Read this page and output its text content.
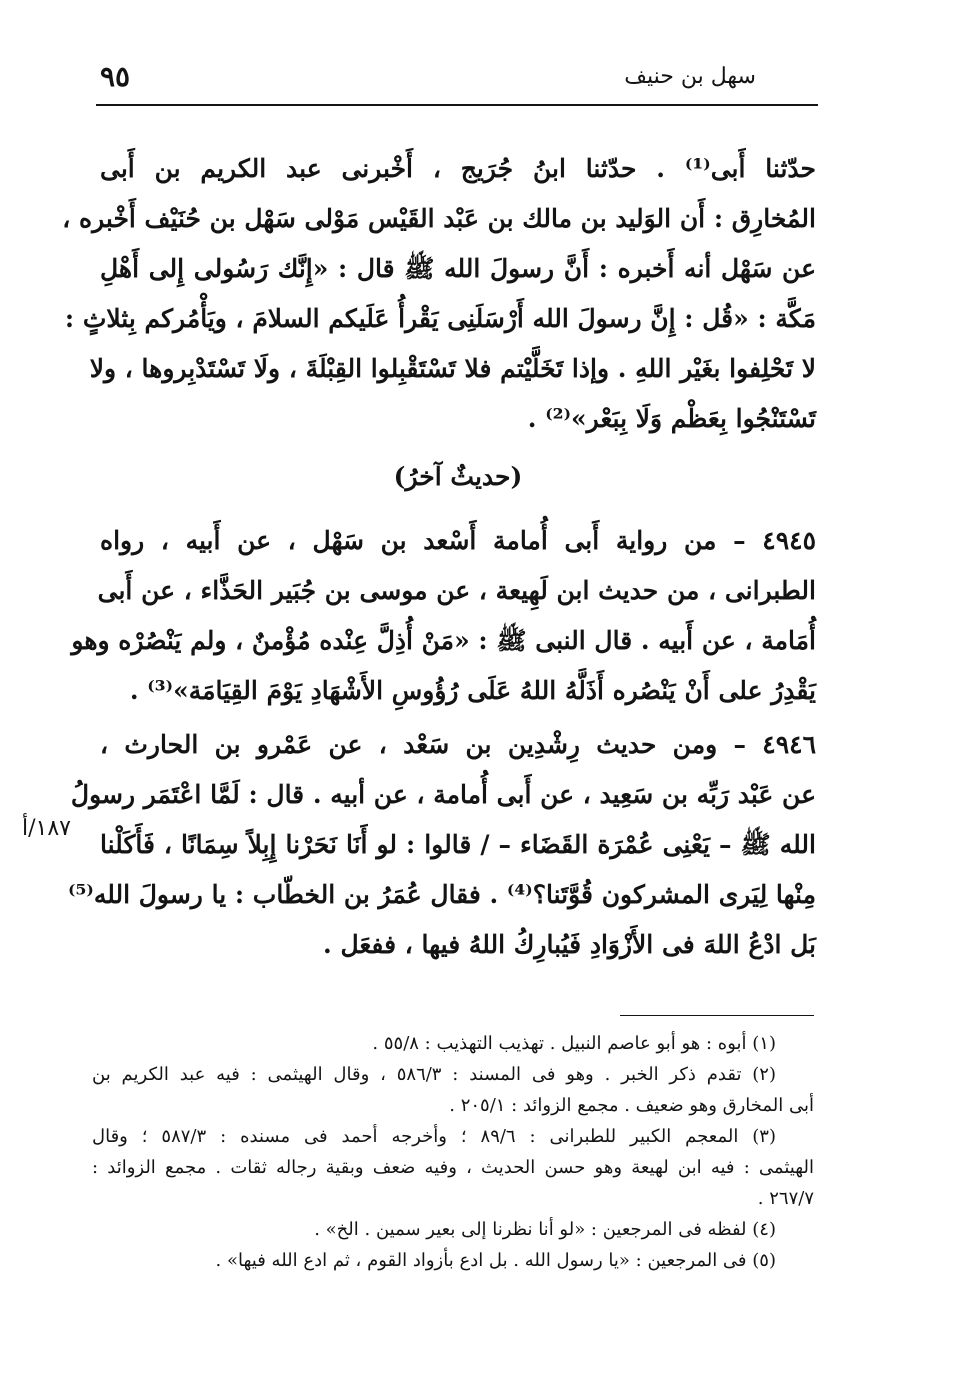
سهل بن حنيف
٩٥
حدّثنا أَبى⁽¹⁾ . حدّثنا ابنُ جُرَيج ، أَخْبرنى عبد الكريم بن أَبى
المُخارِق : أَن الوَليد بن مالك بن عَبْد القَيْس مَوْلى سَهْل بن حُنَيْف أَخْبره ،
عن سَهْل أنه أَخبره : أَنَّ رسولَ الله ﷺ قال : «إِنَّك رَسُولى إِلى أَهْلِ
مَكَّة : «قُل : إِنَّ رسولَ الله أَرْسَلَنِى يَقْرأُ عَلَيكم السلامَ ، ويَأْمُركم بِثلاثٍ :
لا تَحْلِفوا بغَيْر اللهِ . وإذا تَخَلَّيْتم فلا تَسْتَقْبِلوا القِبْلَةَ ، ولَا تَسْتَدْبِروها ، ولا
تَسْتَنْجُوا بِعَظْم وَلَا بِبَعْر»⁽²⁾ .
(حديثٌ آخرُ)
٤٩٤٥ – من رواية أَبى أُمامة أَسْعد بن سَهْل ، عن أَبيه ، رواه
الطبرانى ، من حديث ابن لَهِيعة ، عن موسى بن جُبَير الحَذَّاء ، عن أَبى
أُمَامة ، عن أَبيه . قال النبى ﷺ : «مَنْ أُذِلَّ عِنْده مُؤْمنٌ ، ولم يَنْصُرْه وهو
يَقْدِرُ على أَنْ يَنْصُره أَذَلَّهُ اللهُ عَلَى رُؤُوسِ الأَشْهَادِ يَوْمَ القِيَامَة»⁽³⁾ .
٤٩٤٦ – ومن حديث رِشْدِين بن سَعْد ، عن عَمْرو بن الحارث ،
عن عَبْد رَبِّه بن سَعِيد ، عن أَبى أُمامة ، عن أبيه . قال : لَمَّا اعْتَمَر رسولُ
الله ﷺ – يَعْنِى عُمْرَة القَضَاء – / قالوا : لو أَنَا نَحَرْنا إِبِلاً سِمَانًا ، فَأَكَلْنا
مِنْها لِيَرى المشركون قُوَّتَنا؟⁽⁴⁾ . فقال عُمَرُ بن الخطّاب : يا رسولَ الله⁽⁵⁾
بَل ادْعُ اللهَ فى الأَزْوَادِ فَيُبارِكُ اللهُ فيها ، ففعَل .
١٨٧/أ
(١) أبوه : هو أبو عاصم النبيل . تهذيب التهذيب : ٥٥/٨ .
(٢) تقدم ذكر الخبر . وهو فى المسند : ٥٨٦/٣ ، وقال الهيثمى : فيه عبد الكريم بن
أبى المخارق وهو ضعيف . مجمع الزوائد : ٢٠٥/١ .
(٣) المعجم الكبير للطبرانى : ٨٩/٦ ؛ وأخرجه أحمد فى مسنده : ٥٨٧/٣ ؛ وقال
الهيثمى : فيه ابن لهيعة وهو حسن الحديث ، وفيه ضعف وبقية رجاله ثقات . مجمع الزوائد :
٢٦٧/٧ .
(٤) لفظه فى المرجعين : «لو أنا نظرنا إلى بعير سمين . الخ» .
(٥) فى المرجعين : «يا رسول الله . بل ادع بأزواد القوم ، ثم ادع الله فيها» .
